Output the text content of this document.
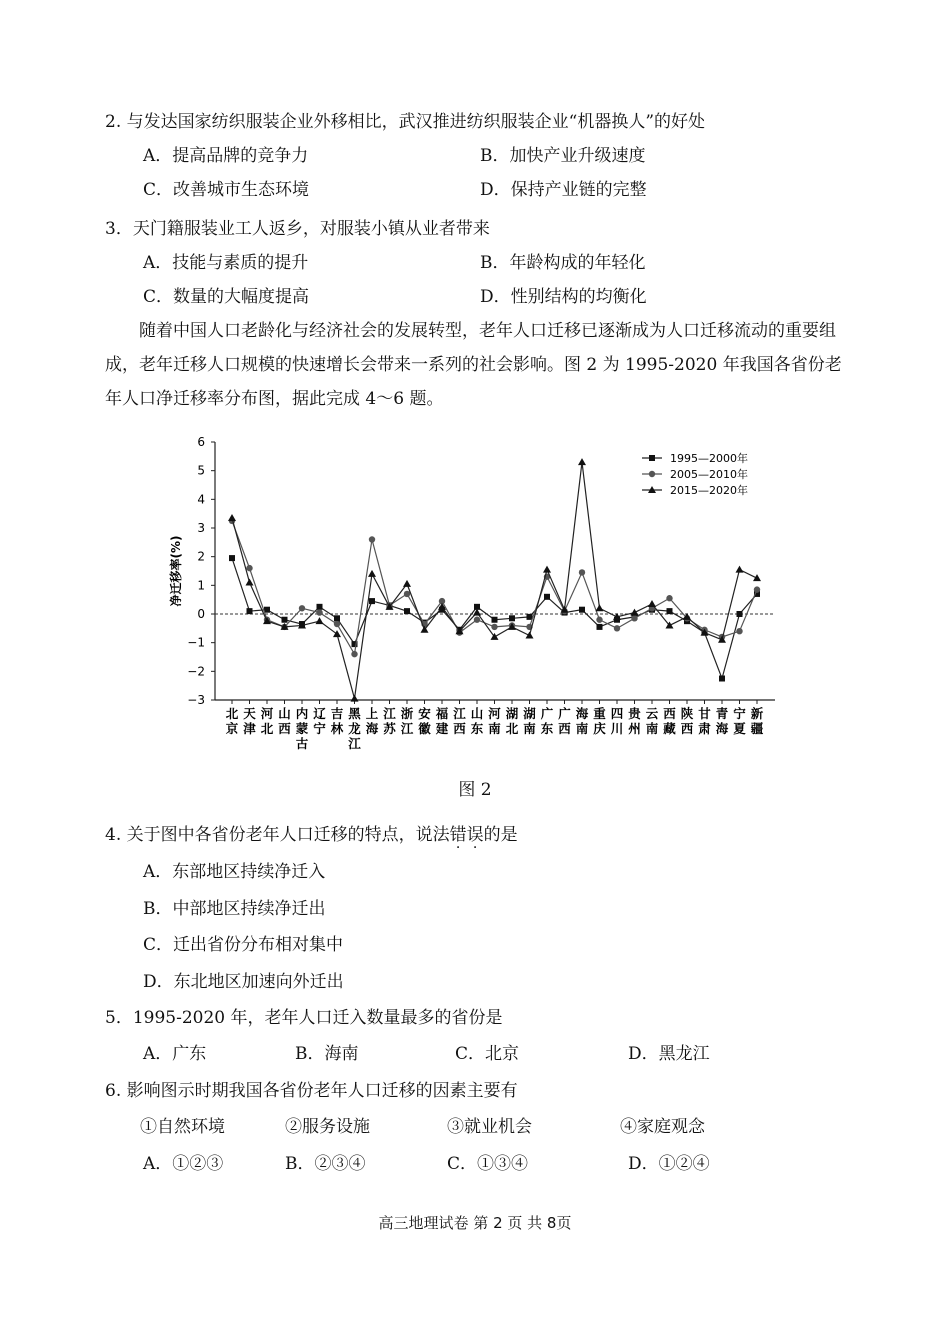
2. 与发达国家纺织服装企业外移相比，武汉推进纺织服装企业“机器换人”的好处
A．提高品牌的竞争力	B．加快产业升级速度
C．改善城市生态环境	D．保持产业链的完整
3．天门籍服装业工人返乡，对服装小镇从业者带来
A．技能与素质的提升	B．年龄构成的年轻化
C．数量的大幅度提高	D．性别结构的均衡化
随着中国人口老龄化与经济社会的发展转型，老年人口迁移已逐渐成为人口迁移流动的重要组成，老年迁移人口规模的快速增长会带来一系列的社会影响。图 2 为 1995-2020 年我国各省份老年人口净迁移率分布图，据此完成 4～6 题。
−3
−2
−1
0
1
2
3
4
5
6
净迁移率(%)
北
京
天
津
河
北
山
西
内
蒙
古
辽
宁
吉
林
黑
龙
江
上
海
江
苏
浙
江
安
徽
福
建
江
西
山
东
河
南
湖
北
湖
南
广
东
广
西
海
南
重
庆
四
川
贵
州
云
南
西
藏
陕
西
甘
肃
青
海
宁
夏
新
疆
1995—2000年
2005—2010年
2015—2020年
图 2
4. 关于图中各省份老年人口迁移的特点，说法错误的是
A．东部地区持续净迁入
B．中部地区持续净迁出
C．迁出省份分布相对集中
D．东北地区加速向外迁出
5．1995-2020 年，老年人口迁入数量最多的省份是
A．广东	B．海南	C．北京	D．黑龙江
6. 影响图示时期我国各省份老年人口迁移的因素主要有
①自然环境	②服务设施	③就业机会	④家庭观念
A．①②③	B．②③④	C．①③④	D．①②④
高三地理试卷 第 2 页 共 8页
